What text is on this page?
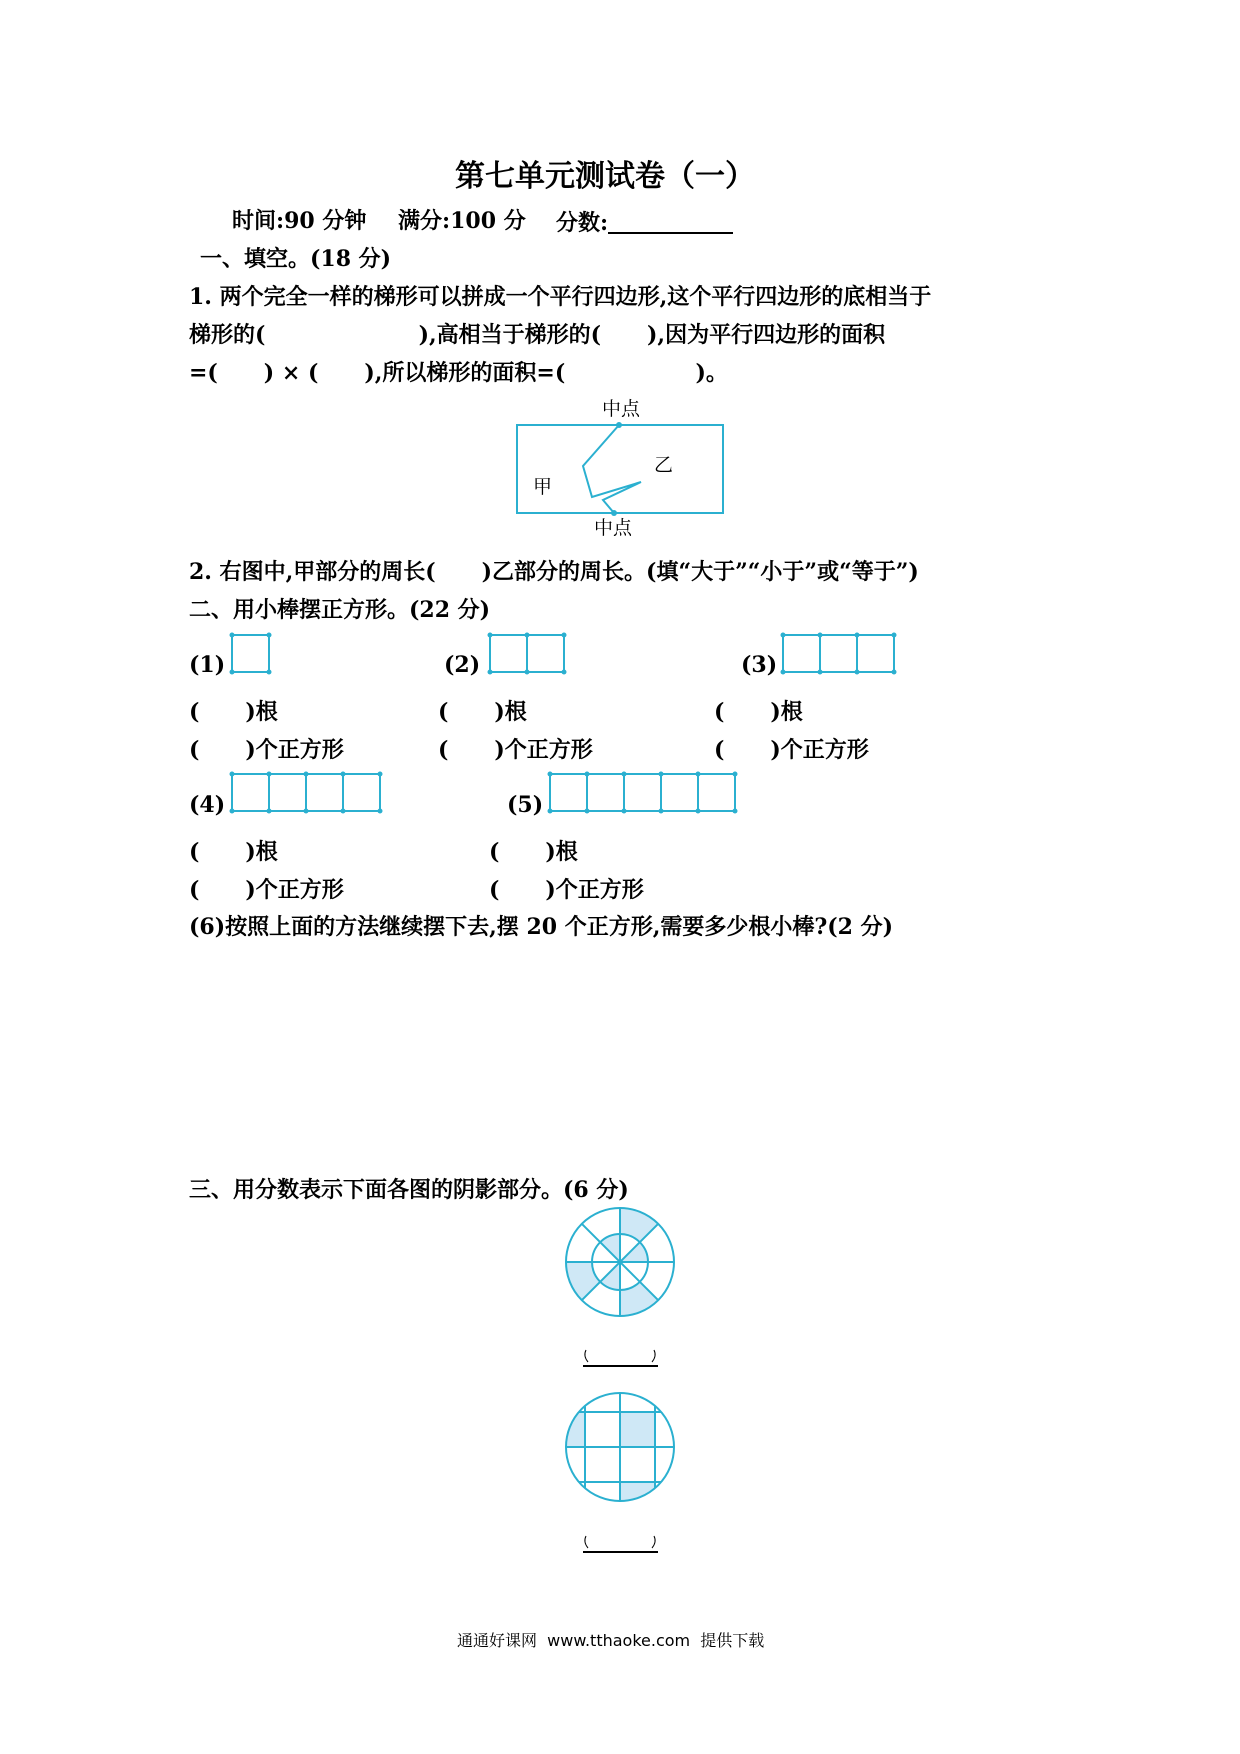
第七单元测试卷（一）
时间:90 分钟 满分:100 分 分数:
一、填空。(18 分)
1. 两个完全一样的梯形可以拼成一个平行四边形,这个平行四边形的底相当于
梯形的(                    ),高相当于梯形的(      ),因为平行四边形的面积
=(      ) × (      ),所以梯形的面积=(                 )。
中点
中点
甲
乙
2. 右图中,甲部分的周长(      )乙部分的周长。(填“大于”“小于”或“等于”)
二、用小棒摆正方形。(22 分)
(1)	(2)	(3)
(4)	(5)
(      )根	(      )根	(      )根
(      )个正方形	(      )个正方形	(      )个正方形
(      )根	(      )根
(      )个正方形	(      )个正方形
(6)按照上面的方法继续摆下去,摆 20 个正方形,需要多少根小棒?(2 分)
三、用分数表示下面各图的阴影部分。(6 分)
通通好课网  www.tthaoke.com  提供下载
